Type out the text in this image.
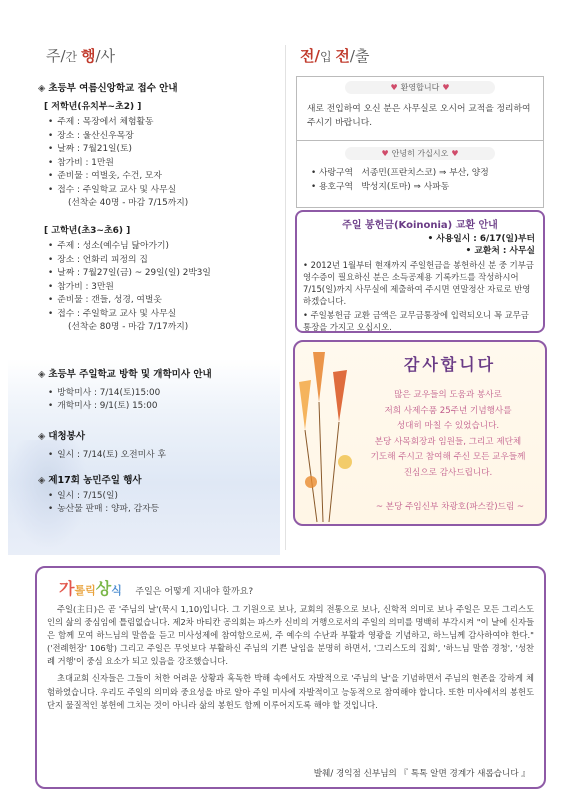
주/간 행/사	전/입 전/출
◈ 초등부 여름신앙학교 접수 안내
[ 저학년(유치부~초2) ]
• 주제 : 목장에서 체험활동
• 장소 : 울산신우목장
• 날짜 : 7월21일(토)
• 참가비 : 1만원
• 준비물 : 여벌옷, 수건, 모자
• 접수 : 주일학교 교사 및 사무실
(선착순 40명 - 마감 7/15까지)
[ 고학년(초3~초6) ]
• 주제 : 성소(예수님 닮아가기)
• 장소 : 언화리 피정의 집
• 날짜 : 7월27일(금) ~ 29일(일) 2박3일
• 참가비 : 3만원
• 준비물 : 갠들, 성경, 여벌옷
• 접수 : 주일학교 교사 및 사무실
(선착순 80명 - 마감 7/17까지)
◈ 초등부 주일학교 방학 및 개학미사 안내
• 방학미사 : 7/14(토)15:00
• 개학미사 : 9/1(토) 15:00
◈ 대청봉사
• 일시 : 7/14(토) 오전미사 후
◈ 제17회 농민주일 행사
• 일시 : 7/15(일)
• 농산물 판매 : 양파, 감자등
♥ 환영합니다 ♥
새로 전입하여 오신 분은 사무실로 오시어 교적을 정리하여 주시기 바랍니다.
♥ 안녕히 가십시오 ♥
• 사랑구역 서종민(프란치스코) ⇒ 부산, 양정
• 용호구역 박성지(토마) ⇒ 사파동
주일 봉헌금(Koinonia) 교환 안내
• 사용일시 : 6/17(일)부터
• 교환처 : 사무실
• 2012년 1월부터 현재까지 주일헌금을 봉헌하신 분 중 기부금 영수증이 필요하신 분은 소득공제용 기록카드를 작성하시어 7/15(일)까지 사무실에 제출하여 주시면 연말정산 자료로 반영 하겠습니다.
• 주일봉헌금 교환 금액은 교무금통장에 입력되오니 꼭 교무금 통장을 가지고 오십시오.
감사합니다
많은 교우들의 도움과 봉사로
저희 사제수품 25주년 기념행사를
성대히 마칠 수 있었습니다.
본당 사목회장과 임원들, 그리고 제단체
기도해 주시고 참여해 주신 모든 교우들께
진심으로 감사드립니다.
~ 본당 주임신부 차광호(파스칼)드림 ~
가톨릭상식 주일은 어떻게 지내야 할까요?
주일(主日)은 곧 '주님의 날'(묵시 1,10)입니다. 그 기원으로 보나, 교회의 전통으로 보나, 신학적 의미로 보나 주일은 모든 그리스도인의 삶의 중심임에 틀림없습니다. 제2차 바티칸 공의회는 파스카 신비의 거행으로서의 주일의 의미를 명백히 부각시켜 "이 날에 신자들은 함께 모여 하느님의 말씀을 듣고 미사성제에 참여함으로써, 주 예수의 수난과 부활과 영광을 기념하고, 하느님께 감사하여야 한다."('전례헌장' 106항) 그리고 주일은 무엇보다 부활하신 주님의 기쁜 날임을 분명히 하면서, '그리스도의 집회', '하느님 말씀 경청', '성찬례 거행'이 중심 요소가 되고 있음을 강조했습니다.
초대교회 신자들은 그들이 처한 어려운 상황과 혹독한 박해 속에서도 자발적으로 '주님의 날'을 기념하면서 주님의 현존을 강하게 체험하였습니다. 우리도 주일의 의미와 중요성을 바로 알아 주일 미사에 자발적이고 능동적으로 참여해야 합니다. 또한 미사에서의 봉헌도 단지 물질적인 봉헌에 그치는 것이 아니라 삶의 봉헌도 함께 이루어지도록 해야 할 것입니다.
발췌/ 경익점 신부님의 『 톡톡 알면 경계가 새롭습니다 』
